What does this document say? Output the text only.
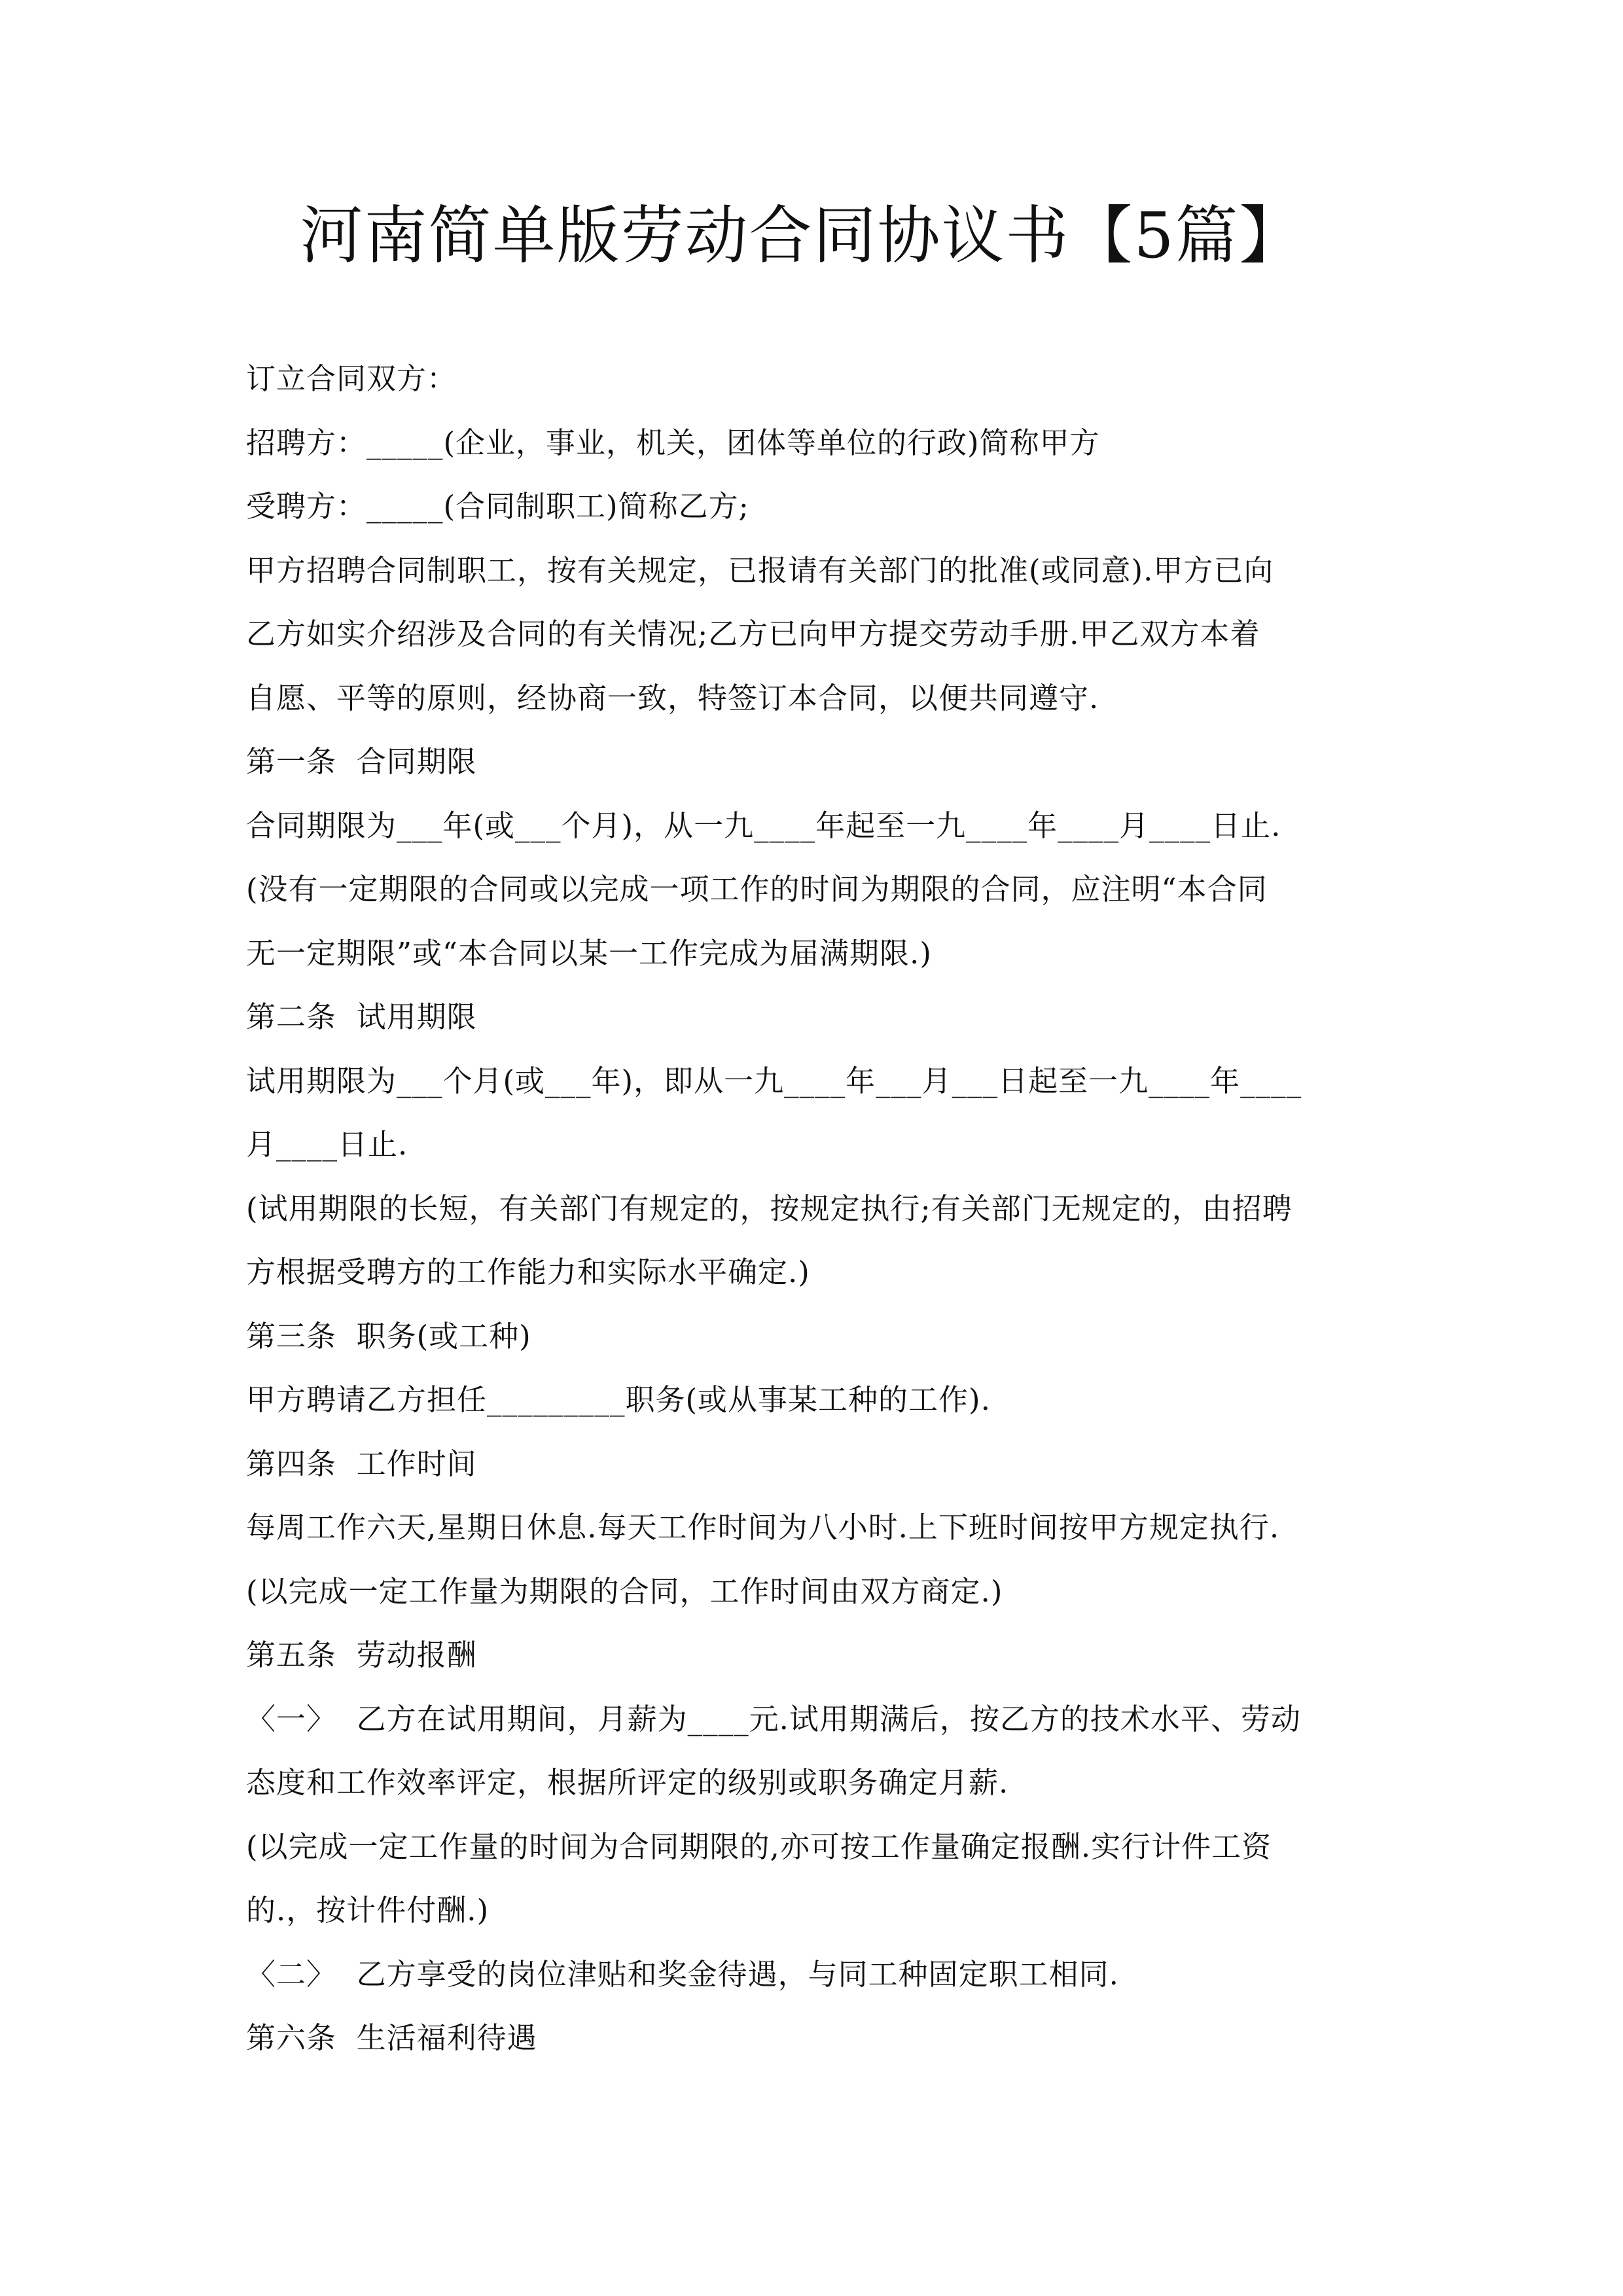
河南简单版劳动合同协议书【5篇】
订立合同双方：
招聘方：_____(企业，事业，机关，团体等单位的行政)简称甲方
受聘方：_____(合同制职工)简称乙方;
甲方招聘合同制职工，按有关规定，已报请有关部门的批准(或同意).甲方已向
乙方如实介绍涉及合同的有关情况;乙方已向甲方提交劳动手册.甲乙双方本着
自愿、平等的原则，经协商一致，特签订本合同，以便共同遵守.
第一条  合同期限
合同期限为___年(或___个月)，从一九____年起至一九____年____月____日止.
(没有一定期限的合同或以完成一项工作的时间为期限的合同，应注明“本合同
无一定期限”或“本合同以某一工作完成为届满期限.)
第二条  试用期限
试用期限为___个月(或___年)，即从一九____年___月___日起至一九____年____
月____日止.
(试用期限的长短，有关部门有规定的，按规定执行;有关部门无规定的，由招聘
方根据受聘方的工作能力和实际水平确定.)
第三条  职务(或工种)
甲方聘请乙方担任_________职务(或从事某工种的工作).
第四条  工作时间
每周工作六天,星期日休息.每天工作时间为八小时.上下班时间按甲方规定执行.
(以完成一定工作量为期限的合同，工作时间由双方商定.)
第五条  劳动报酬
〈一〉  乙方在试用期间，月薪为____元.试用期满后，按乙方的技术水平、劳动
态度和工作效率评定，根据所评定的级别或职务确定月薪.
(以完成一定工作量的时间为合同期限的,亦可按工作量确定报酬.实行计件工资
的.，按计件付酬.)
〈二〉  乙方享受的岗位津贴和奖金待遇，与同工种固定职工相同.
第六条  生活福利待遇
